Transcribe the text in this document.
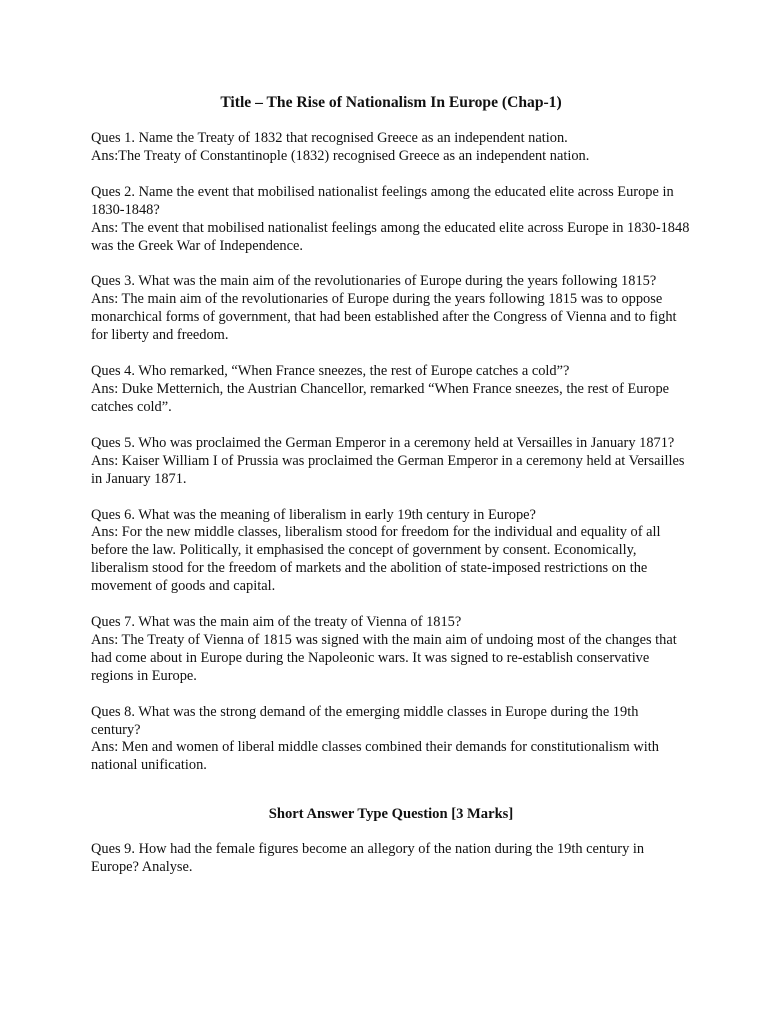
Title – The Rise of Nationalism In Europe (Chap-1)

Ques 1. Name the Treaty of 1832 that recognised Greece as an independent nation.

Ans:The Treaty of Constantinople (1832) recognised Greece as an independent nation.

Ques 2. Name the event that mobilised nationalist feelings among the educated elite across Europe in 1830-1848?

Ans: The event that mobilised nationalist feelings among the educated elite across Europe in 1830-1848 was the Greek War of Independence.

Ques 3. What was the main aim of the revolutionaries of Europe during the years following 1815?

Ans: The main aim of the revolutionaries of Europe during the years following 1815 was to oppose monarchical forms of government, that had been established after the Congress of Vienna and to fight for liberty and freedom.

Ques 4. Who remarked, “When France sneezes, the rest of Europe catches a cold”?

Ans: Duke Metternich, the Austrian Chancellor, remarked “When France sneezes, the rest of Europe catches cold”.

Ques 5. Who was proclaimed the German Emperor in a ceremony held at Versailles in January 1871?

Ans: Kaiser William I of Prussia was proclaimed the German Emperor in a ceremony held at Versailles in January 1871.

Ques 6. What was the meaning of liberalism in early 19th century in Europe?

Ans: For the new middle classes, liberalism stood for freedom for the individual and equality of all before the law. Politically, it emphasised the concept of government by consent. Economically, liberalism stood for the freedom of markets and the abolition of state-imposed restrictions on the movement of goods and capital.

Ques 7. What was the main aim of the treaty of Vienna of 1815?

Ans: The Treaty of Vienna of 1815 was signed with the main aim of undoing most of the changes that had come about in Europe during the Napoleonic wars. It was signed to re-establish conservative regions in Europe.

Ques 8. What was the strong demand of the emerging middle classes in Europe during the 19th century?

Ans: Men and women of liberal middle classes combined their demands for constitutionalism with national unification.

Short Answer Type Question [3 Marks]

Ques 9. How had the female figures become an allegory of the nation during the 19th century in Europe? Analyse.
